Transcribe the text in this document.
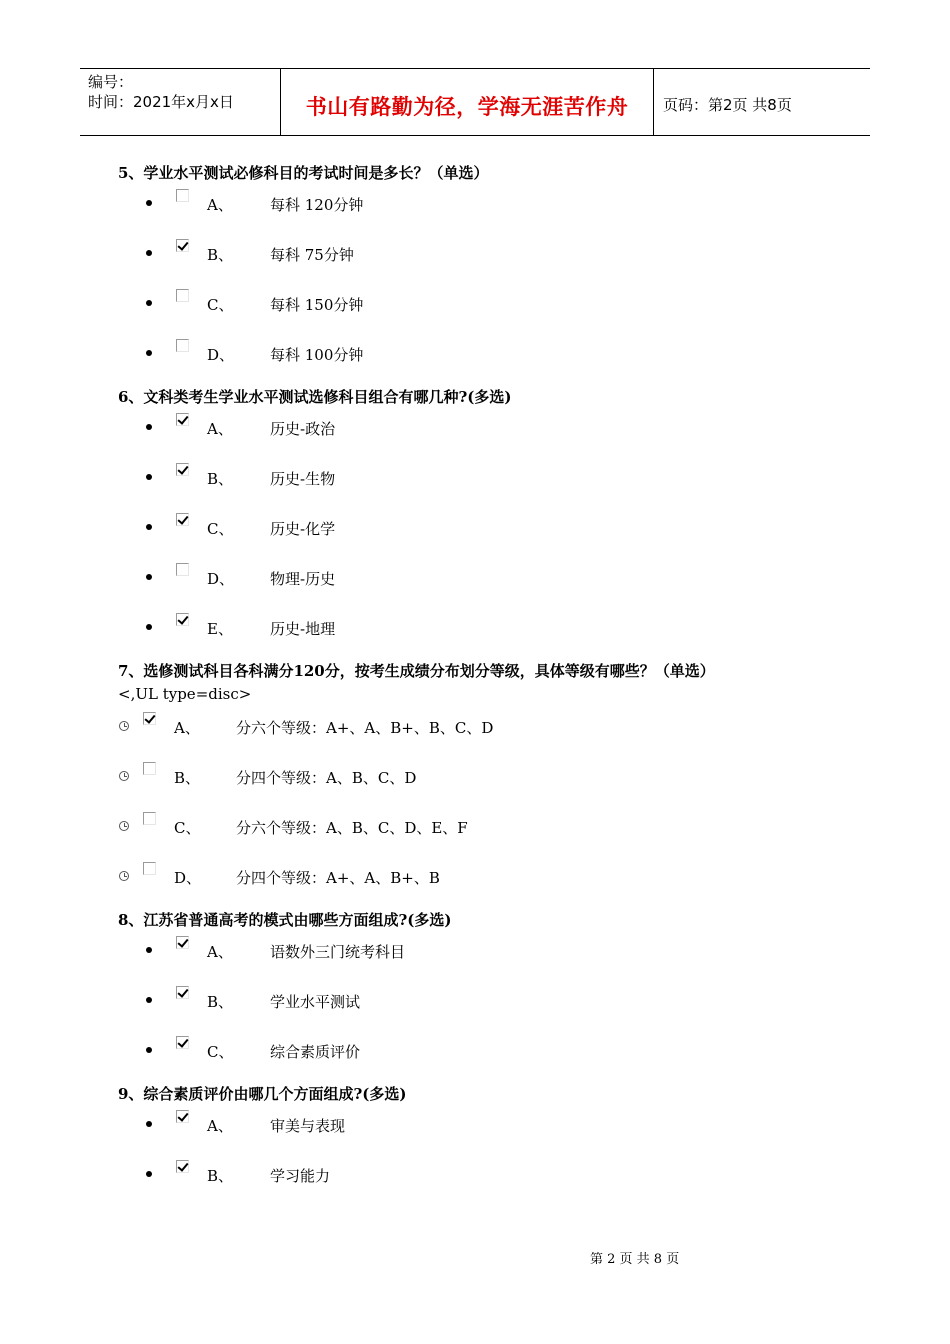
编号：
时间：2021年x月x日	书山有路勤为径，学海无涯苦作舟	页码：第2页 共8页
5、学业水平测试必修科目的考试时间是多长？（单选）
A、 每科 120分钟
B、 每科 75分钟
C、 每科 150分钟
D、 每科 100分钟
6、文科类考生学业水平测试选修科目组合有哪几种?(多选)
A、 历史-政治
B、 历史-生物
C、 历史-化学
D、 物理-历史
E、 历史-地理
7、选修测试科目各科满分120分，按考生成绩分布划分等级，具体等级有哪些？（单选）
<,UL type=disc>
A、 分六个等级：A+、A、B+、B、C、D
B、 分四个等级：A、B、C、D
C、 分六个等级：A、B、C、D、E、F
D、 分四个等级：A+、A、B+、B
8、江苏省普通高考的模式由哪些方面组成?(多选)
A、 语数外三门统考科目
B、 学业水平测试
C、 综合素质评价
9、综合素质评价由哪几个方面组成?(多选)
A、 审美与表现
B、 学习能力
第 2 页 共 8 页
